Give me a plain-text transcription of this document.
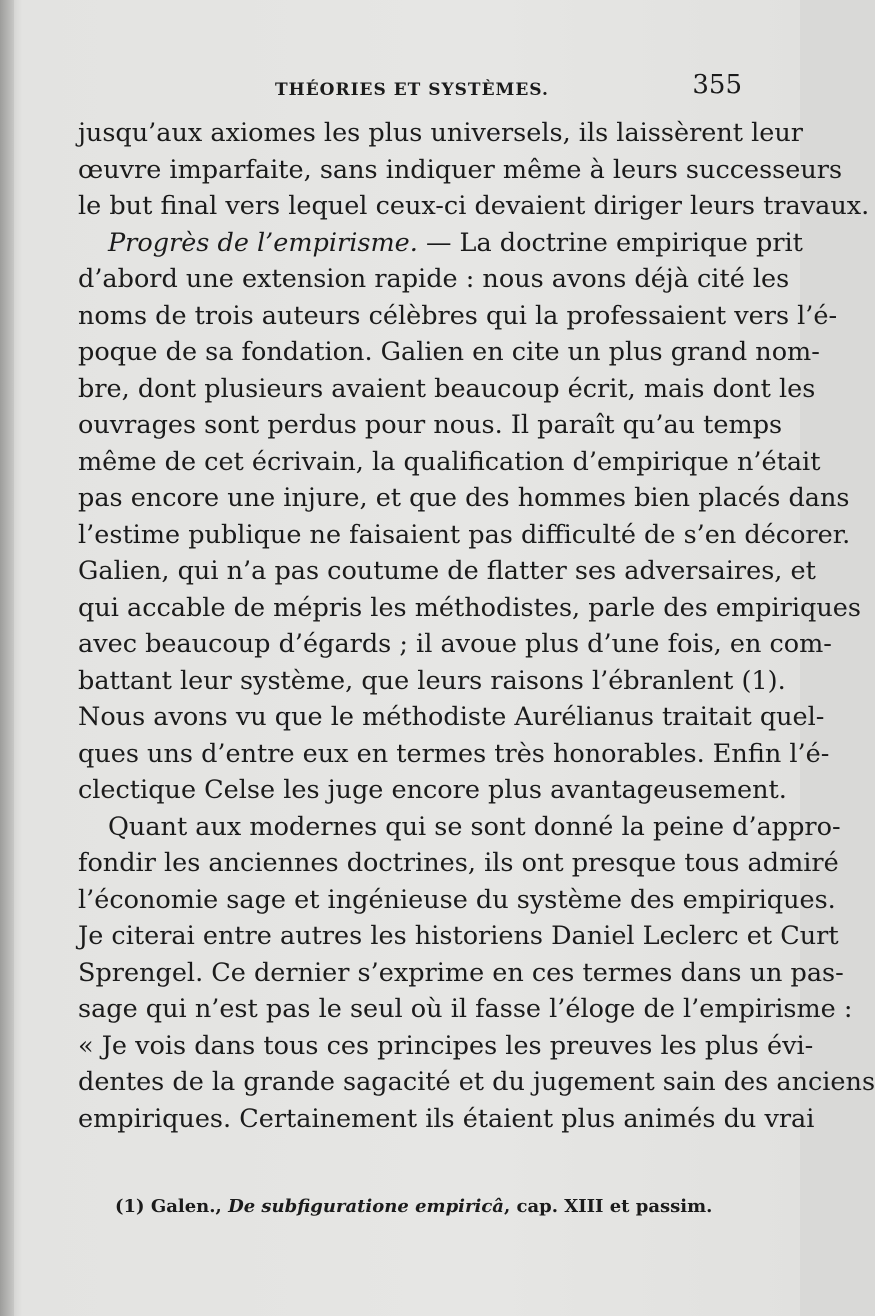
THÉORIES ET SYSTÈMES.	355
jusqu’aux axiomes les plus universels, ils laissèrent leur
œuvre imparfaite, sans indiquer même à leurs successeurs
le but final vers lequel ceux-ci devaient diriger leurs travaux.
Progrès de l’empirisme. — La doctrine empirique prit
d’abord une extension rapide : nous avons déjà cité les
noms de trois auteurs célèbres qui la professaient vers l’é-
poque de sa fondation. Galien en cite un plus grand nom-
bre, dont plusieurs avaient beaucoup écrit, mais dont les
ouvrages sont perdus pour nous. Il paraît qu’au temps
même de cet écrivain, la qualification d’empirique n’était
pas encore une injure, et que des hommes bien placés dans
l’estime publique ne faisaient pas difficulté de s’en décorer.
Galien, qui n’a pas coutume de flatter ses adversaires, et
qui accable de mépris les méthodistes, parle des empiriques
avec beaucoup d’égards ; il avoue plus d’une fois, en com-
battant leur système, que leurs raisons l’ébranlent (1).
Nous avons vu que le méthodiste Aurélianus traitait quel-
ques uns d’entre eux en termes très honorables. Enfin l’é-
clectique Celse les juge encore plus avantageusement.
Quant aux modernes qui se sont donné la peine d’appro-
fondir les anciennes doctrines, ils ont presque tous admiré
l’économie sage et ingénieuse du système des empiriques.
Je citerai entre autres les historiens Daniel Leclerc et Curt
Sprengel. Ce dernier s’exprime en ces termes dans un pas-
sage qui n’est pas le seul où il fasse l’éloge de l’empirisme :
« Je vois dans tous ces principes les preuves les plus évi-
dentes de la grande sagacité et du jugement sain des anciens
empiriques. Certainement ils étaient plus animés du vrai
(1) Galen., De subfiguratione empiricâ, cap. XIII et passim.
